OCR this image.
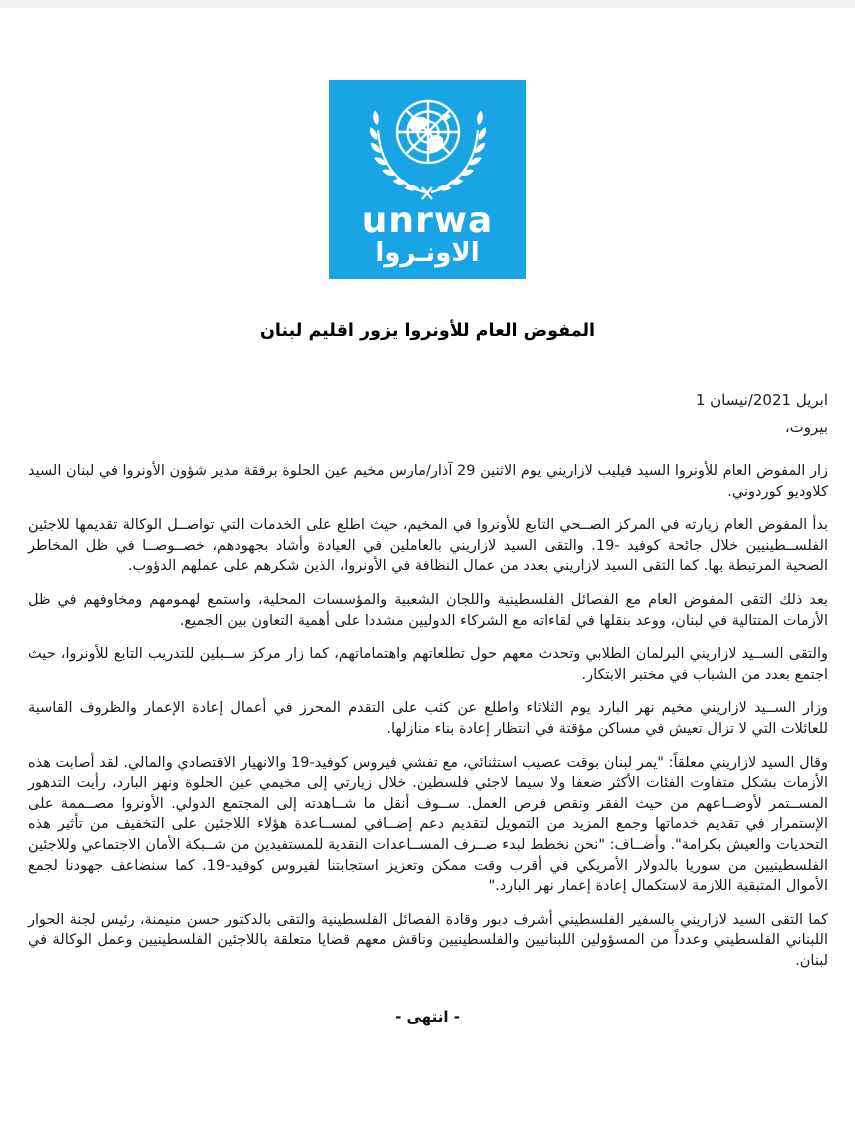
unrwa
الاونـروا
المفوض العام للأونروا يزور اقليم لبنان
1 نيسان‎/‎ابريل 2021
بيروت،

زار المفوض العام للأونروا السيد فيليب لازاريني يوم الاثنين 29 آذار/مارس مخيم عين الحلوة برفقة مدير شؤون الأونروا في لبنان السيد كلاوديو كوردوني.

بدأ المفوض العام زيارته في المركز الصــحي التابع للأونروا في المخيم، حيث اطلع على الخدمات التي تواصــل الوكالة تقديمها للاجئين الفلســطينيين خلال جائحة كوفيد -19. والتقى السيد لازاريني بالعاملين في العيادة وأشاد بجهودهم، خصــوصــا في ظل المخاطر الصحية المرتبطة بها. كما التقى السيد لازاريني بعدد من عمال النظافة في الأونروا، الذين شكرهم على عملهم الدؤوب.

بعد ذلك التقى المفوض العام مع الفصائل الفلسطينية واللجان الشعبية والمؤسسات المحلية، واستمع لهمومهم ومخاوفهم في ظل الأزمات المتتالية في لبنان، ووعد بنقلها في لقاءاته مع الشركاء الدوليين مشددا على أهمية التعاون بين الجميع.

والتقى الســيد لازاريني البرلمان الطلابي وتحدث معهم حول تطلعاتهم واهتماماتهم، كما زار مركز ســبلين للتدريب التابع للأونروا، حيث اجتمع بعدد من الشباب في مختبر الابتكار.

وزار الســيد لازاريني مخيم نهر البارد يوم الثلاثاء واطلع عن كثب على التقدم المحرز في أعمال إعادة الإعمار والظروف القاسية للعائلات التي لا تزال تعيش في مساكن مؤقتة في انتظار إعادة بناء منازلها.

وقال السيد لازاريني معلقاً: "يمر لبنان بوقت عصيب استثنائي، مع تفشي فيروس كوفيد-19 والانهيار الاقتصادي والمالي. لقد أصابت هذه الأزمات بشكل متفاوت الفئات الأكثر ضعفا ولا سيما لاجئي فلسطين. خلال زيارتي إلى مخيمي عين الحلوة ونهر البارد، رأيت التدهور المســتمر لأوضــاعهم من حيث الفقر ونقص فرص العمل. ســوف أنقل ما شــاهدته إلى المجتمع الدولي. الأونروا مصــممة على الإستمرار في تقديم خدماتها وجمع المزيد من التمويل لتقديم دعم إضــافي لمســاعدة هؤلاء اللاجئين على التخفيف من تأثير هذه التحديات والعيش بكرامة". وأضــاف: "نحن نخطط لبدء صــرف المســاعدات النقدية للمستفيدين من شــبكة الأمان الاجتماعي وللاجئين الفلسطينيين من سوريا بالدولار الأمريكي في أقرب وقت ممكن وتعزيز استجابتنا لفيروس كوفيد-19. كما سنضاعف جهودنا لجمع الأموال المتبقية اللازمة لاستكمال إعادة إعمار نهر البارد."

كما التقى السيد لازاريني بالسفير الفلسطيني أشرف دبور وقادة الفصائل الفلسطينية والتقى بالدكتور حسن منيمنة، رئيس لجنة الحوار اللبناني الفلسطيني وعدداً من المسؤولين اللبنانيين والفلسطينيين وناقش معهم قضايا متعلقة باللاجئين الفلسطينيين وعمل الوكالة في لبنان.

- انتهى -
